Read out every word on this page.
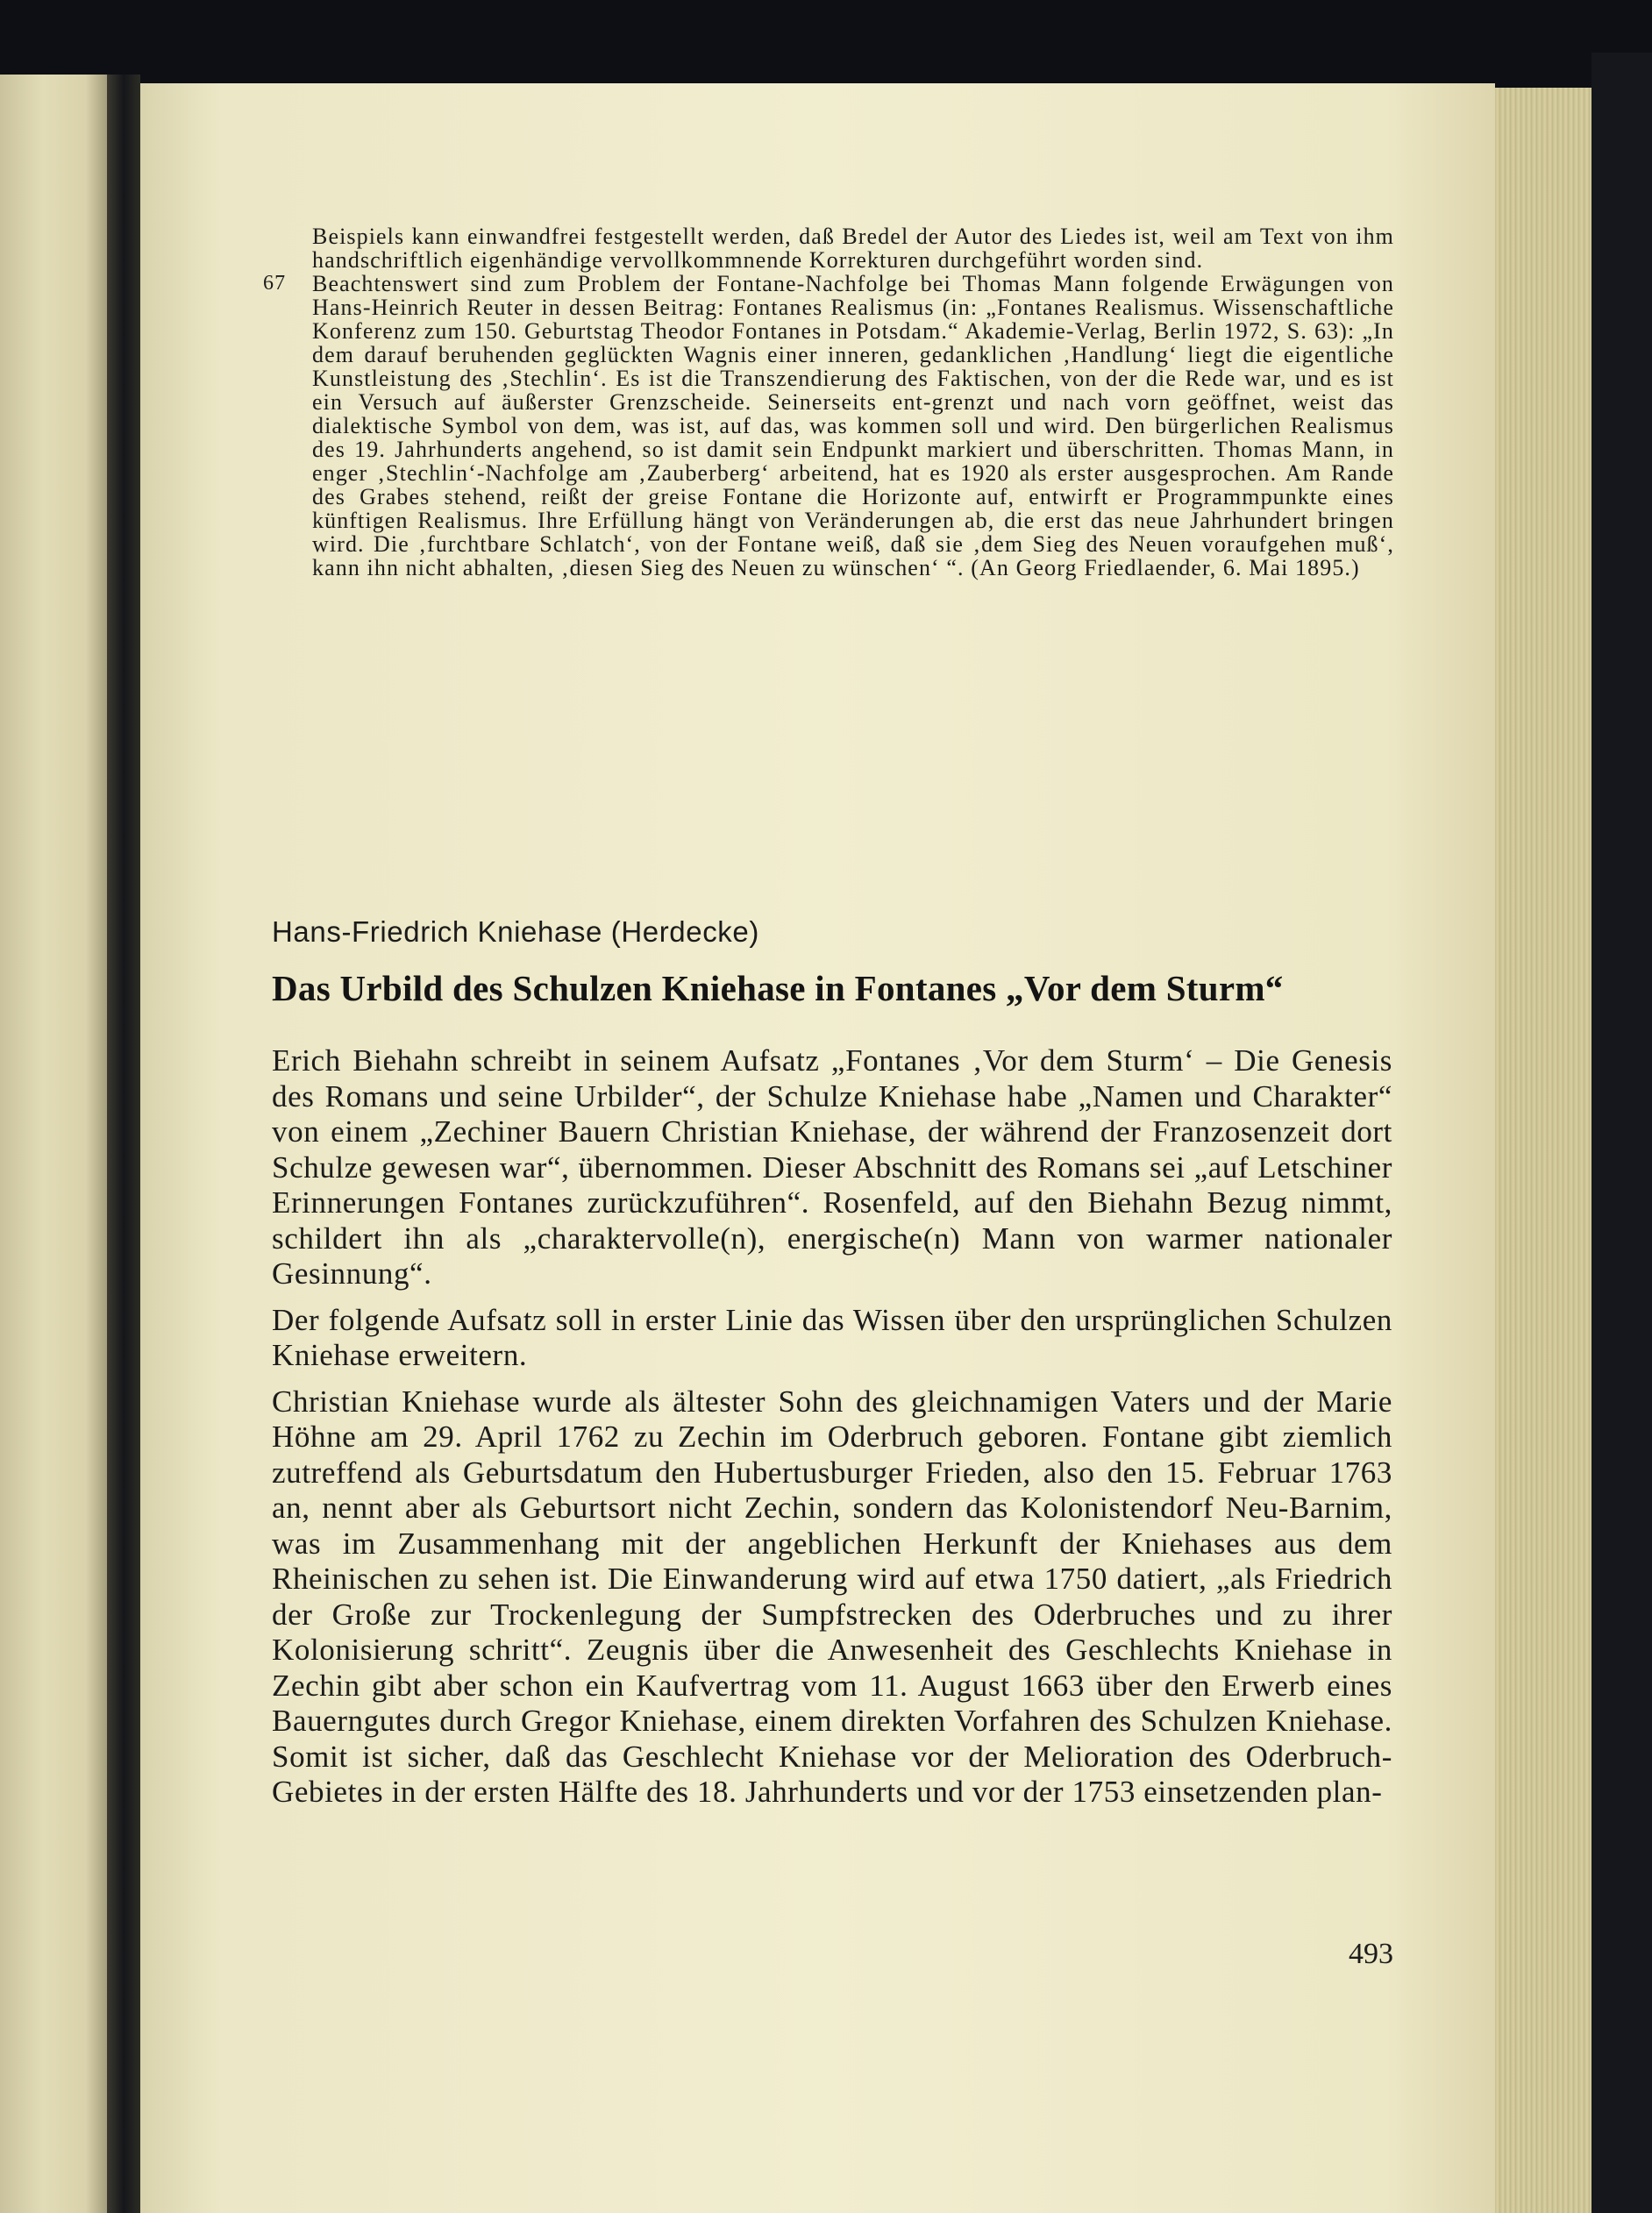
Beispiels kann einwandfrei festgestellt werden, daß Bredel der Autor des Liedes ist, weil am Text von ihm handschriftlich eigenhändige vervollkommnende Korrekturen durchgeführt worden sind.

67 Beachtenswert sind zum Problem der Fontane-Nachfolge bei Thomas Mann folgende Erwägungen von Hans-Heinrich Reuter in dessen Beitrag: Fontanes Realismus (in: „Fontanes Realismus. Wissenschaftliche Konferenz zum 150. Geburtstag Theodor Fontanes in Potsdam.“ Akademie-Verlag, Berlin 1972, S. 63): „In dem darauf beruhenden geglückten Wagnis einer inneren, gedanklichen ‚Handlung‘ liegt die eigentliche Kunstleistung des ‚Stechlin‘. Es ist die Transzendierung des Faktischen, von der die Rede war, und es ist ein Versuch auf äußerster Grenzscheide. Seinerseits ent-grenzt und nach vorn geöffnet, weist das dialektische Symbol von dem, was ist, auf das, was kommen soll und wird. Den bürgerlichen Realismus des 19. Jahrhunderts angehend, so ist damit sein Endpunkt markiert und überschritten. Thomas Mann, in enger ‚Stechlin‘-Nachfolge am ‚Zauberberg‘ arbeitend, hat es 1920 als erster ausgesprochen. Am Rande des Grabes stehend, reißt der greise Fontane die Horizonte auf, entwirft er Programmpunkte eines künftigen Realismus. Ihre Erfüllung hängt von Veränderungen ab, die erst das neue Jahrhundert bringen wird. Die ‚furchtbare Schlatch‘, von der Fontane weiß, daß sie ‚dem Sieg des Neuen voraufgehen muß‘, kann ihn nicht abhalten, ‚diesen Sieg des Neuen zu wünschen‘ “. (An Georg Friedlaender, 6. Mai 1895.)

Hans-Friedrich Kniehase (Herdecke)
Das Urbild des Schulzen Kniehase in Fontanes „Vor dem Sturm“

Erich Biehahn schreibt in seinem Aufsatz „Fontanes ‚Vor dem Sturm‘ – Die Genesis des Romans und seine Urbilder“, der Schulze Kniehase habe „Namen und Charakter“ von einem „Zechiner Bauern Christian Kniehase, der während der Franzosenzeit dort Schulze gewesen war“, übernommen. Dieser Abschnitt des Romans sei „auf Letschiner Erinnerungen Fontanes zurückzuführen“. Rosenfeld, auf den Biehahn Bezug nimmt, schildert ihn als „charaktervolle(n), energische(n) Mann von warmer nationaler Gesinnung“.

Der folgende Aufsatz soll in erster Linie das Wissen über den ursprünglichen Schulzen Kniehase erweitern.

Christian Kniehase wurde als ältester Sohn des gleichnamigen Vaters und der Marie Höhne am 29. April 1762 zu Zechin im Oderbruch geboren. Fontane gibt ziemlich zutreffend als Geburtsdatum den Hubertusburger Frieden, also den 15. Februar 1763 an, nennt aber als Geburtsort nicht Zechin, sondern das Kolonistendorf Neu-Barnim, was im Zusammenhang mit der angeblichen Herkunft der Kniehases aus dem Rheinischen zu sehen ist. Die Einwanderung wird auf etwa 1750 datiert, „als Friedrich der Große zur Trockenlegung der Sumpfstrecken des Oderbruches und zu ihrer Kolonisierung schritt“. Zeugnis über die Anwesenheit des Geschlechts Kniehase in Zechin gibt aber schon ein Kaufvertrag vom 11. August 1663 über den Erwerb eines Bauerngutes durch Gregor Kniehase, einem direkten Vorfahren des Schulzen Kniehase. Somit ist sicher, daß das Geschlecht Kniehase vor der Melioration des Oderbruch-Gebietes in der ersten Hälfte des 18. Jahrhunderts und vor der 1753 einsetzenden plan-

493
